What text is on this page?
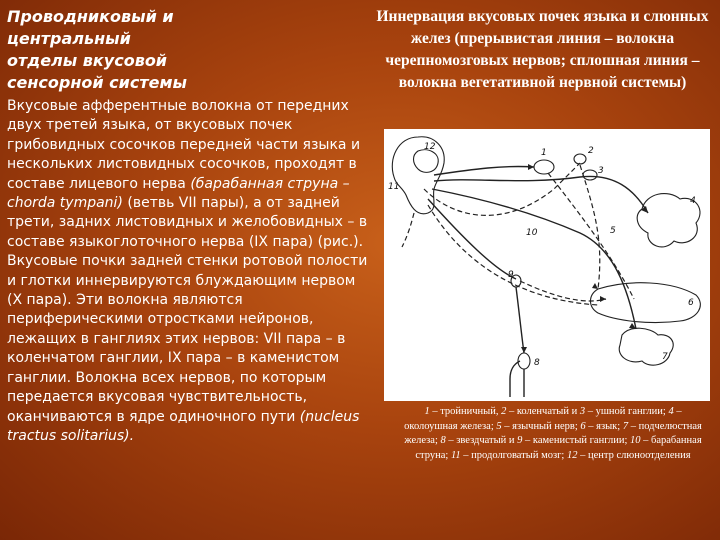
Проводниковый и
центральный
отделы вкусовой
сенсорной системы
Вкусовые афферентные волокна от передних двух третей языка, от вкусовых почек грибовидных сосочков передней части языка и нескольких листовидных сосочков, проходят в составе лицевого нерва (барабанная струна – chorda tympani) (ветвь VII пары), а от задней трети, задних листовидных и желобовидных – в составе языкоглоточного нерва (IX пара) (рис.). Вкусовые почки задней стенки ротовой полости и глотки иннервируются блуждающим нервом (X пара). Эти волокна являются периферическими отростками нейронов, лежащих в ганглиях этих нервов: VII пара – в коленчатом ганглии, IX пара – в каменистом ганглии. Волокна всех нервов, по которым передается вкусовая чувствительность, оканчиваются в ядре одиночного пути (nucleus tractus solitarius).
Иннервация вкусовых почек языка и слюнных желез (прерывистая линия – волокна черепномозговых нервов; сплошная линия – волокна вегетативной нервной системы)
1	2
3
4
5
6
7
8
9
10
11
12
1 – тройничный, 2 – коленчатый и 3 – ушной ганглии; 4 – околоушная железа; 5 – язычный нерв; 6 – язык; 7 – подчелюстная железа; 8 – звездчатый и 9 – каменистый ганглии; 10 – барабанная струна; 11 – продолговатый мозг; 12 – центр слюноотделения
